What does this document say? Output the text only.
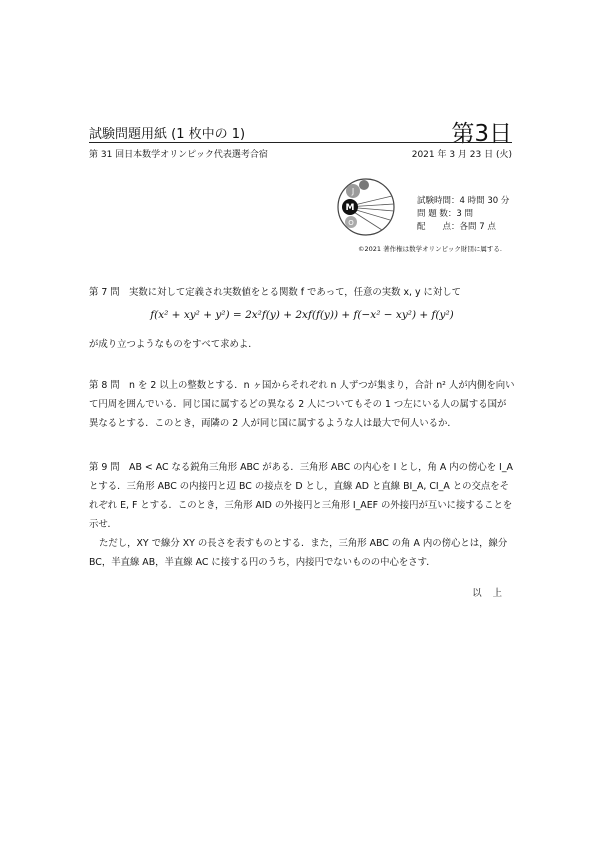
試験問題用紙 (1 枚中の 1)	第3日
第 31 回日本数学オリンピック代表選考合宿	2021 年 3 月 23 日 (火)
J
M
O
試験時間：4 時間 30 分
問 題 数：3 問
配　　点：各問 7 点
©2021 著作権は数学オリンピック財団に属する.
第 7 問　実数に対して定義され実数値をとる関数 f であって，任意の実数 x, y に対して
f(x² + xy² + y²) = 2x²f(y) + 2xf(f(y)) + f(−x² − xy²) + f(y²)
が成り立つようなものをすべて求めよ．
第 8 問　n を 2 以上の整数とする．n ヶ国からそれぞれ n 人ずつが集まり，合計 n² 人が内側を向いて円周を囲んでいる．同じ国に属するどの異なる 2 人についてもその 1 つ左にいる人の属する国が異なるとする．このとき，両隣の 2 人が同じ国に属するような人は最大で何人いるか．
第 9 問　AB < AC なる鋭角三角形 ABC がある．三角形 ABC の内心を I とし，角 A 内の傍心を I_A とする．三角形 ABC の内接円と辺 BC の接点を D とし，直線 AD と直線 BI_A, CI_A との交点をそれぞれ E, F とする．このとき，三角形 AID の外接円と三角形 I_AEF の外接円が互いに接することを示せ．
ただし，XY で線分 XY の長さを表すものとする．また，三角形 ABC の角 A 内の傍心とは，線分 BC，半直線 AB，半直線 AC に接する円のうち，内接円でないものの中心をさす．
以 上
